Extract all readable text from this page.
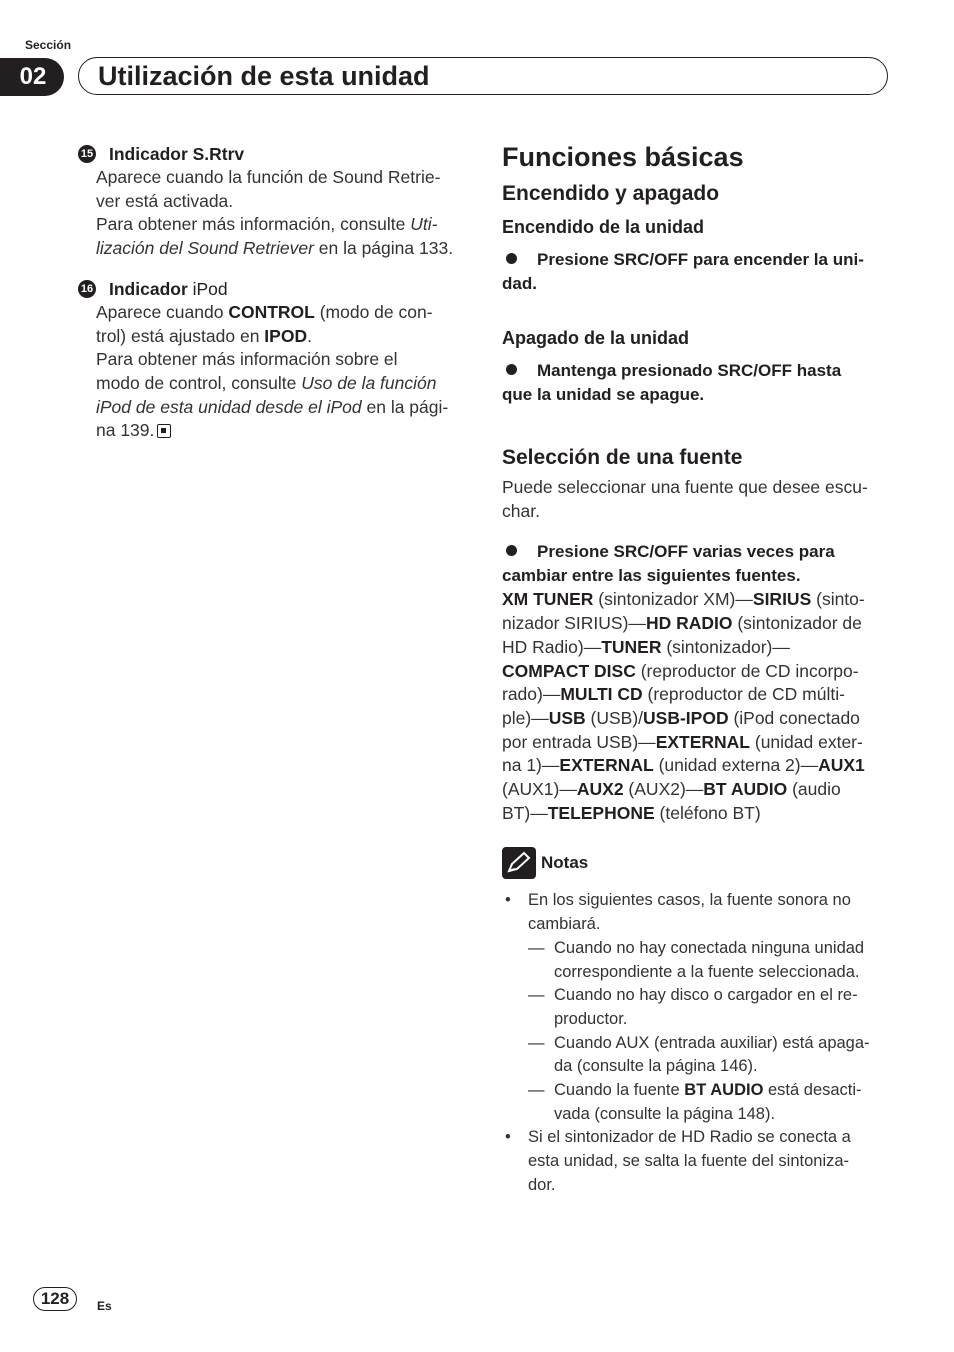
Sección
02	Utilización de esta unidad
15 Indicador S.Rtrv
Aparece cuando la función de Sound Retrie-
ver está activada.
Para obtener más información, consulte Uti-
lización del Sound Retriever en la página 133.
16 Indicador iPod
Aparece cuando CONTROL (modo de con-
trol) está ajustado en IPOD.
Para obtener más información sobre el
modo de control, consulte Uso de la función
iPod de esta unidad desde el iPod en la pági-
na 139.
Funciones básicas
Encendido y apagado
Encendido de la unidad
Presione SRC/OFF para encender la uni-
dad.
Apagado de la unidad
Mantenga presionado SRC/OFF hasta
que la unidad se apague.
Selección de una fuente
Puede seleccionar una fuente que desee escu-
char.
Presione SRC/OFF varias veces para
cambiar entre las siguientes fuentes.
XM TUNER (sintonizador XM)—SIRIUS (sinto-
nizador SIRIUS)—HD RADIO (sintonizador de
HD Radio)—TUNER (sintonizador)—
COMPACT DISC (reproductor de CD incorpo-
rado)—MULTI CD (reproductor de CD múlti-
ple)—USB (USB)/USB-IPOD (iPod conectado
por entrada USB)—EXTERNAL (unidad exter-
na 1)—EXTERNAL (unidad externa 2)—AUX1
(AUX1)—AUX2 (AUX2)—BT AUDIO (audio
BT)—TELEPHONE (teléfono BT)
Notas
• En los siguientes casos, la fuente sonora no
cambiará.
— Cuando no hay conectada ninguna unidad
correspondiente a la fuente seleccionada.
— Cuando no hay disco o cargador en el re-
productor.
— Cuando AUX (entrada auxiliar) está apaga-
da (consulte la página 146).
— Cuando la fuente BT AUDIO está desacti-
vada (consulte la página 148).
• Si el sintonizador de HD Radio se conecta a
esta unidad, se salta la fuente del sintoniza-
dor.
128	Es
